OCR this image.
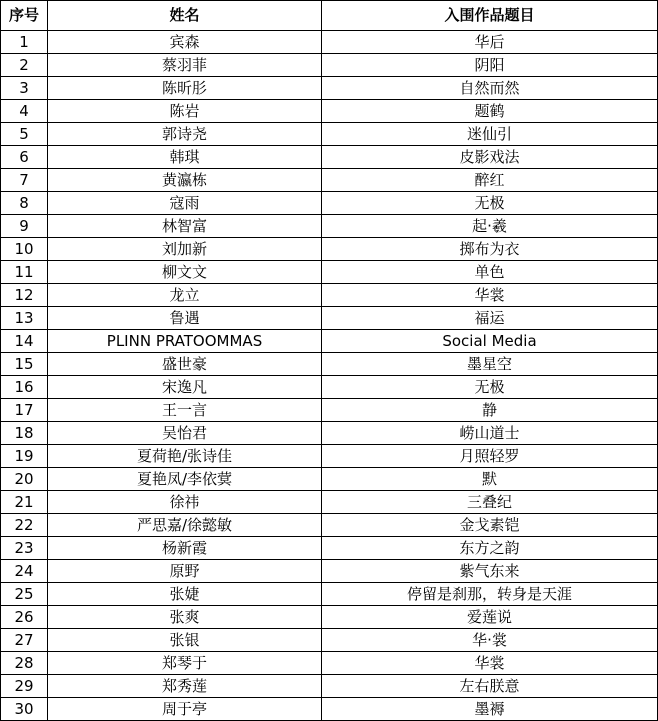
序号	姓名	入围作品题目
1	宾森	华后
2	蔡羽菲	阴阳
3	陈昕肜	自然而然
4	陈岩	题鹤
5	郭诗尧	迷仙引
6	韩琪	皮影戏法
7	黄瀛栋	醉红
8	寇雨	无极
9	林智富	起·羲
10	刘加新	掷布为衣
11	柳文文	单色
12	龙立	华裳
13	鲁遇	福运
14	PLINN PRATOOMMAS	Social Media
15	盛世豪	墨星空
16	宋逸凡	无极
17	王一言	静
18	吴怡君	崂山道士
19	夏荷艳/张诗佳	月照轻罗
20	夏艳凤/李依蓂	默
21	徐祎	三叠纪
22	严思嘉/徐懿敏	金戈素铠
23	杨新霞	东方之韵
24	原野	紫气东来
25	张婕	停留是刹那，转身是天涯
26	张爽	爱莲说
27	张银	华·裳
28	郑琴于	华裳
29	郑秀莲	左右朕意
30	周于亭	墨褥
